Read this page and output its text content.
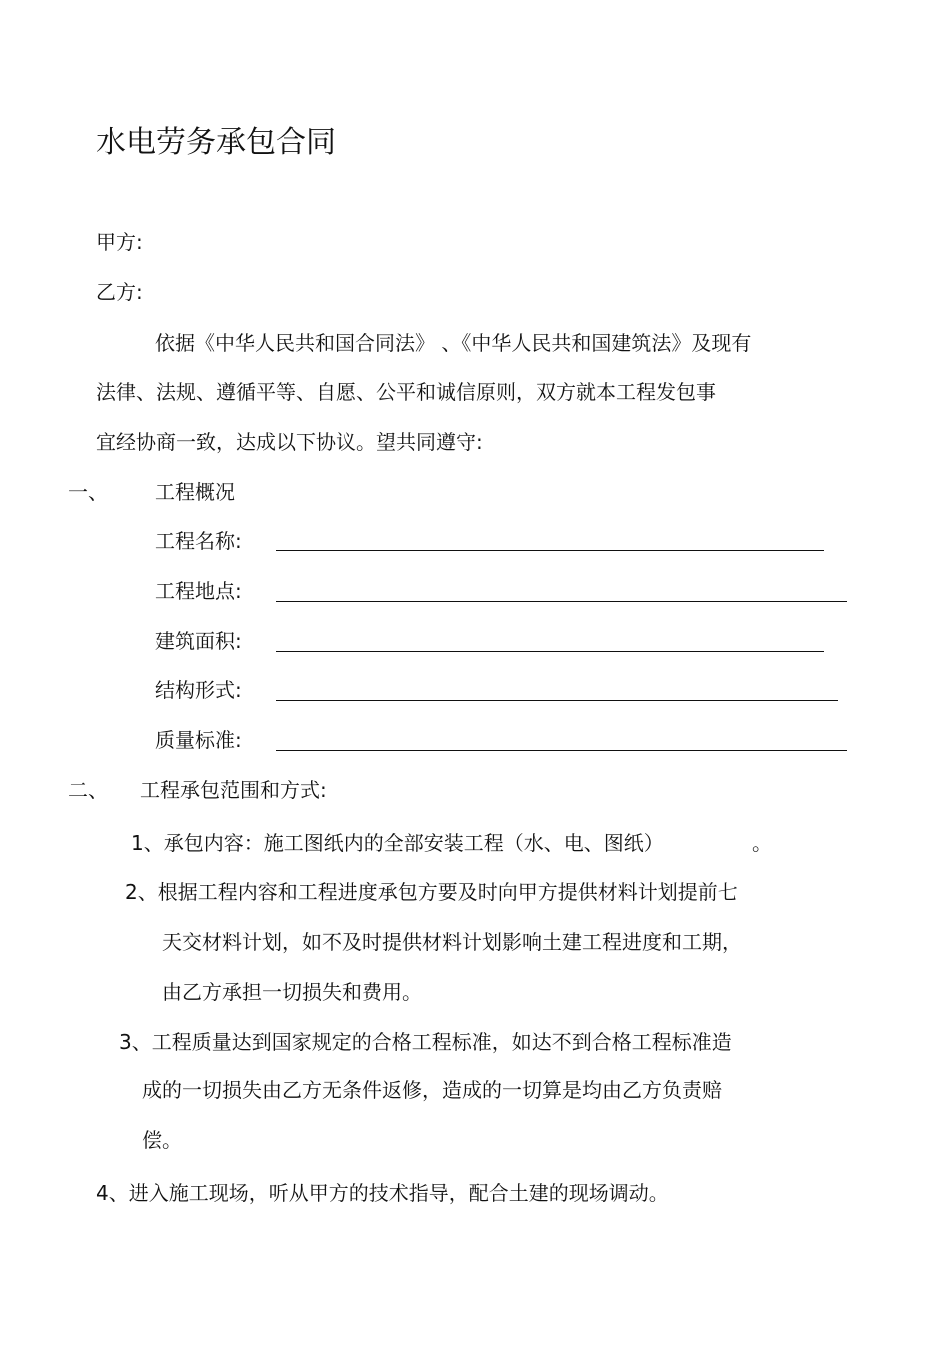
水电劳务承包合同
甲方:
乙方:
依据《中华人民共和国合同法》 、《中华人民共和国建筑法》及现有
法律、法规、遵循平等、自愿、公平和诚信原则，双方就本工程发包事
宜经协商一致，达成以下协议。望共同遵守:
一、 工程概况
工程名称:
工程地点:
建筑面积:
结构形式:
质量标准:
二、 工程承包范围和方式:
1、承包内容：施工图纸内的全部安装工程（水、电、图纸）	。
2、根据工程内容和工程进度承包方要及时向甲方提供材料计划提前七
天交材料计划，如不及时提供材料计划影响土建工程进度和工期，
由乙方承担一切损失和费用。
3、工程质量达到国家规定的合格工程标准，如达不到合格工程标准造
成的一切损失由乙方无条件返修，造成的一切算是均由乙方负责赔
偿。
4、进入施工现场，听从甲方的技术指导，配合土建的现场调动。
